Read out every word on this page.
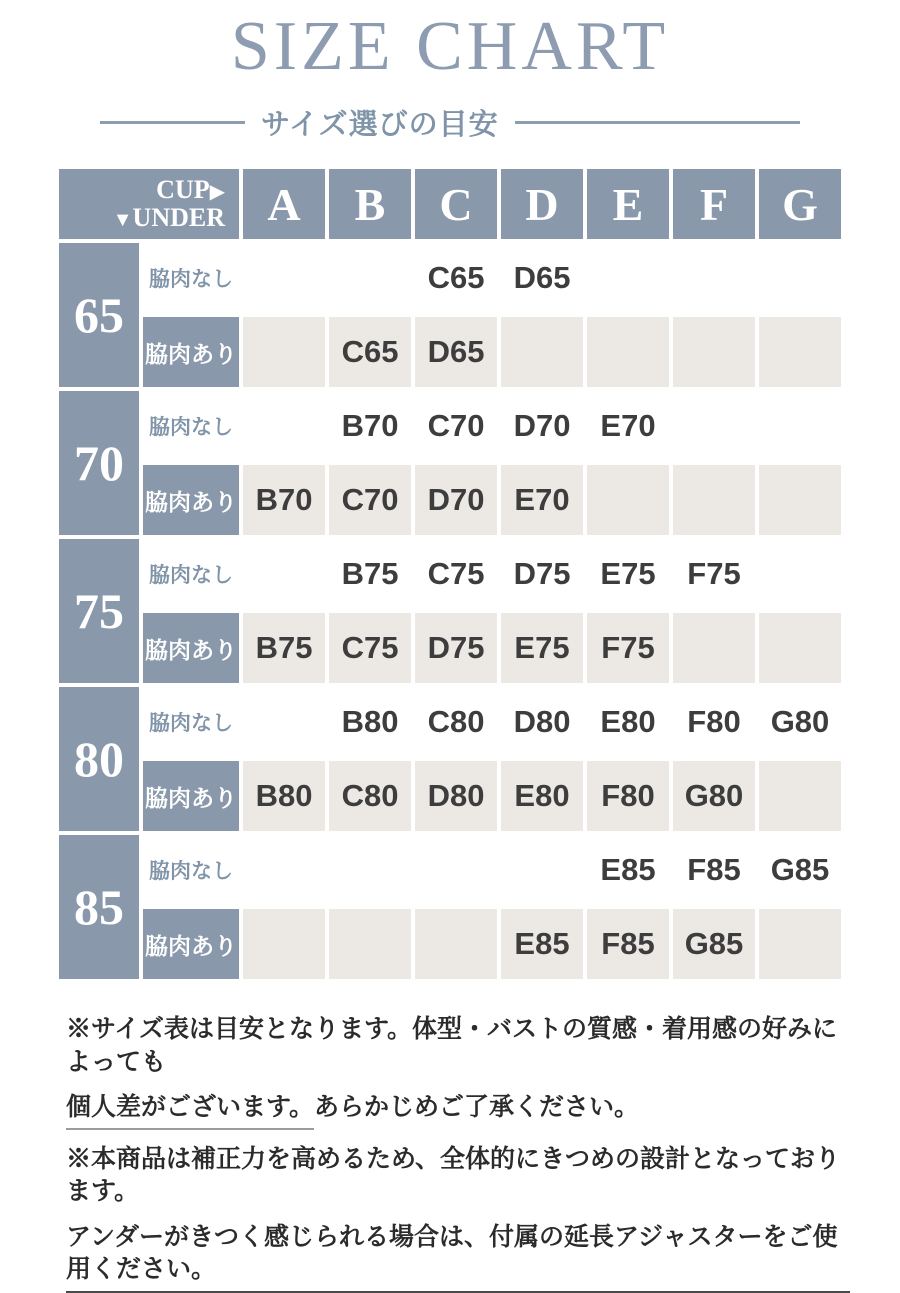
SIZE CHART
サイズ選びの目安
CUP▶
▼UNDER		A	B	C	D	E	F	G
65	脇肉なし			C65	D65			
	脇肉あり		C65	D65				
70	脇肉なし		B70	C70	D70	E70		
	脇肉あり	B70	C70	D70	E70			
75	脇肉なし		B75	C75	D75	E75	F75	
	脇肉あり	B75	C75	D75	E75	F75		
80	脇肉なし		B80	C80	D80	E80	F80	G80
	脇肉あり	B80	C80	D80	E80	F80	G80	
85	脇肉なし					E85	F85	G85
	脇肉あり				E85	F85	G85	
※サイズ表は目安となります。体型・バストの質感・着用感の好みによっても
個人差がございます。あらかじめご了承ください。
※本商品は補正力を高めるため、全体的にきつめの設計となっております。
アンダーがきつく感じられる場合は、付属の延長アジャスターをご使用ください。
